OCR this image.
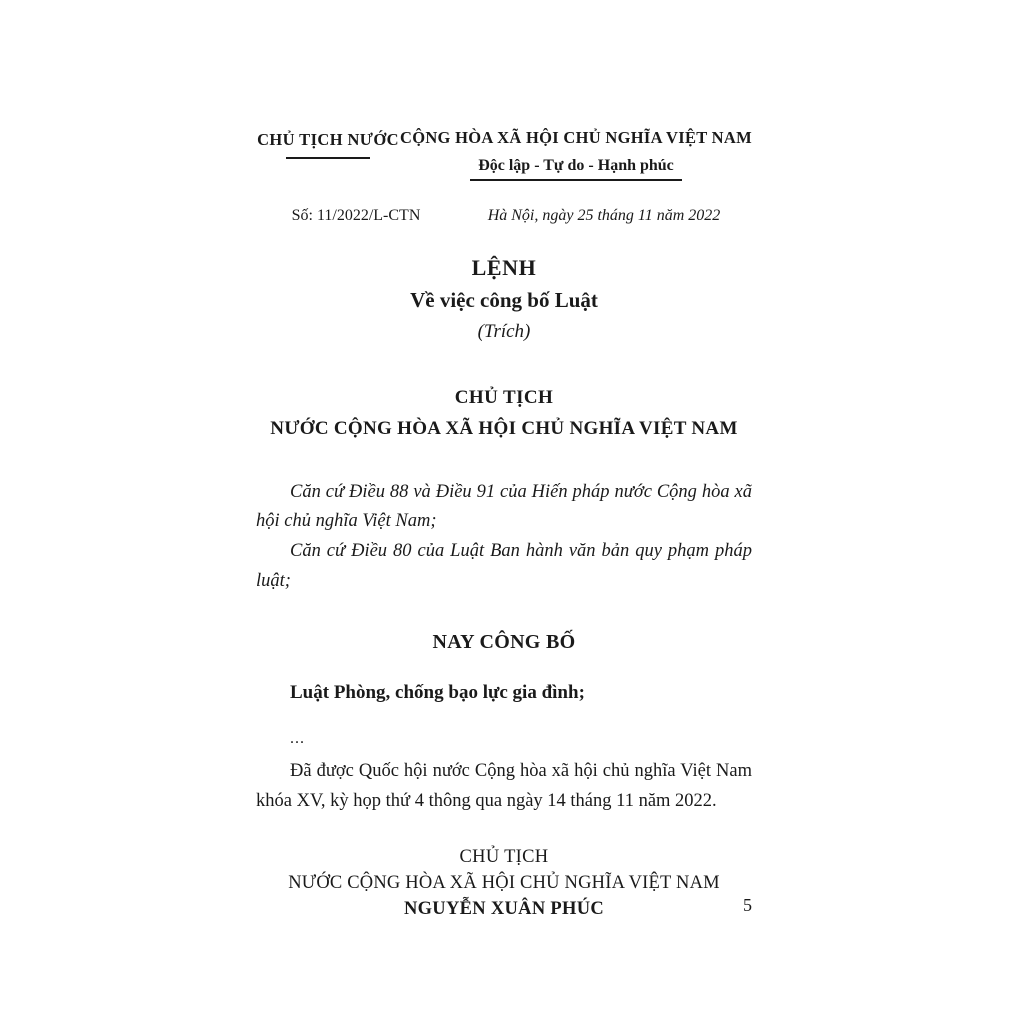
CHỦ TỊCH NƯỚC CỘNG HÒA XÃ HỘI CHỦ NGHĨA VIỆT NAM
Độc lập - Tự do - Hạnh phúc
Số: 11/2022/L-CTN	Hà Nội, ngày 25 tháng 11 năm 2022
LỆNH
Về việc công bố Luật
(Trích)
CHỦ TỊCH
NƯỚC CỘNG HÒA XÃ HỘI CHỦ NGHĨA VIỆT NAM

Căn cứ Điều 88 và Điều 91 của Hiến pháp nước Cộng hòa xã hội chủ nghĩa Việt Nam;

Căn cứ Điều 80 của Luật Ban hành văn bản quy phạm pháp luật;

NAY CÔNG BỐ
Luật Phòng, chống bạo lực gia đình;
...

Đã được Quốc hội nước Cộng hòa xã hội chủ nghĩa Việt Nam khóa XV, kỳ họp thứ 4 thông qua ngày 14 tháng 11 năm 2022.

CHỦ TỊCH
NƯỚC CỘNG HÒA XÃ HỘI CHỦ NGHĨA VIỆT NAM
NGUYỄN XUÂN PHÚC	5
